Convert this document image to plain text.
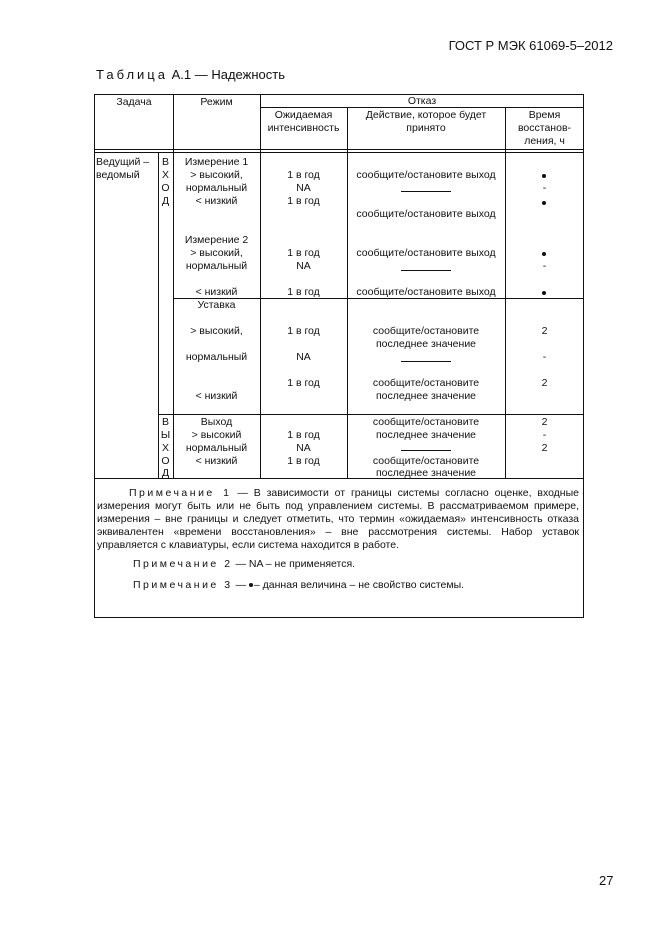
ГОСТ Р МЭК 61069-5–2012
Таблица А.1 — Надежность
Задача	Режим	Отказ
Ожидаемая
интенсивность
Действие, которое будет
принято
Время
восстанов-
ления, ч
Ведущий –
ведомый
В
Х
О
Д
В
Ы
Х
О
Д
Измерение 1
> высокий,
нормальный
< низкий
1 в год
NA
1 в год
сообщите/остановите выход
сообщите/остановите выход
-
Измерение 2
> высокий,
нормальный
< низкий
1 в год
NA
1 в год
сообщите/остановите выход
сообщите/остановите выход
-
Уставка
> высокий,
нормальный
< низкий
1 в год
NA
1 в год
сообщите/остановите
последнее значение
сообщите/остановите
последнее значение
2
-
2
Выход
> высокий
нормальный
< низкий
1 в год
NA
1 в год
сообщите/остановите
последнее значение
сообщите/остановите
последнее значение
2
-
2
Примечание 1 — В зависимости от границы системы согласно оценке, входные измерения могут быть или не быть под управлением системы. В рассматриваемом примере, измерения – вне границы и следует отметить, что термин «ожидаемая» интенсивность отказа эквивалентен «времени восстановления» – вне рассмотрения системы. Набор уставок управляется с клавиатуры, если система находится в работе.
Примечание 2 — NA – не применяется.
Примечание 3 — – данная величина – не свойство системы.
27
